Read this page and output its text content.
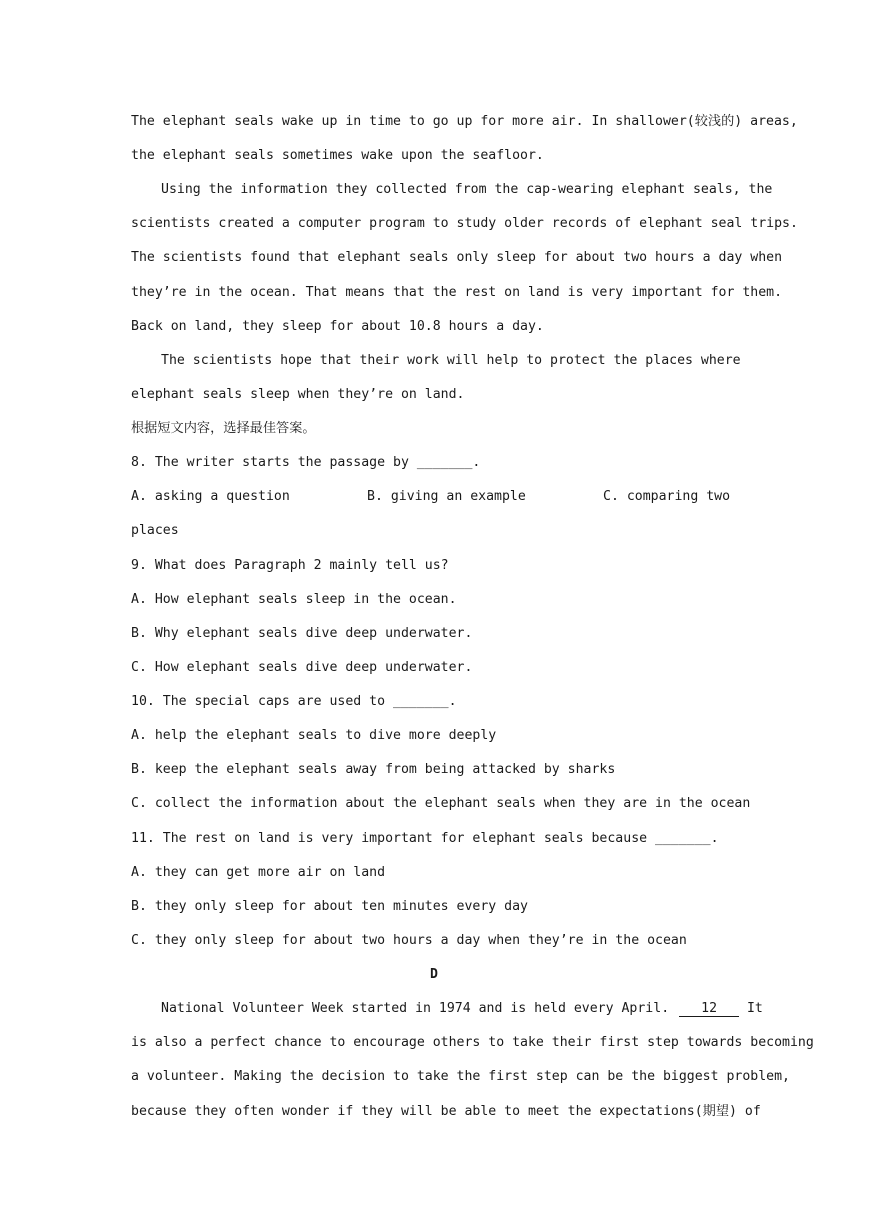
The elephant seals wake up in time to go up for more air. In shallower(较浅的) areas,
the elephant seals sometimes wake upon the seafloor.
Using the information they collected from the cap-wearing elephant seals, the
scientists created a computer program to study older records of elephant seal trips.
The scientists found that elephant seals only sleep for about two hours a day when
they’re in the ocean. That means that the rest on land is very important for them.
Back on land, they sleep for about 10.8 hours a day.
The scientists hope that their work will help to protect the places where
elephant seals sleep when they’re on land.
根据短文内容，选择最佳答案。
8. The writer starts the passage by _______.
A. asking a question	B. giving an example	C. comparing two
places
9. What does Paragraph 2 mainly tell us?
A. How elephant seals sleep in the ocean.
B. Why elephant seals dive deep underwater.
C. How elephant seals dive deep underwater.
10. The special caps are used to _______.
A. help the elephant seals to dive more deeply
B. keep the elephant seals away from being attacked by sharks
C. collect the information about the elephant seals when they are in the ocean
11. The rest on land is very important for elephant seals because _______.
A. they can get more air on land
B. they only sleep for about ten minutes every day
C. they only sleep for about two hours a day when they’re in the ocean
D
National Volunteer Week started in 1974 and is held every April. 12 It
is also a perfect chance to encourage others to take their first step towards becoming
a volunteer. Making the decision to take the first step can be the biggest problem,
because they often wonder if they will be able to meet the expectations(期望) of
